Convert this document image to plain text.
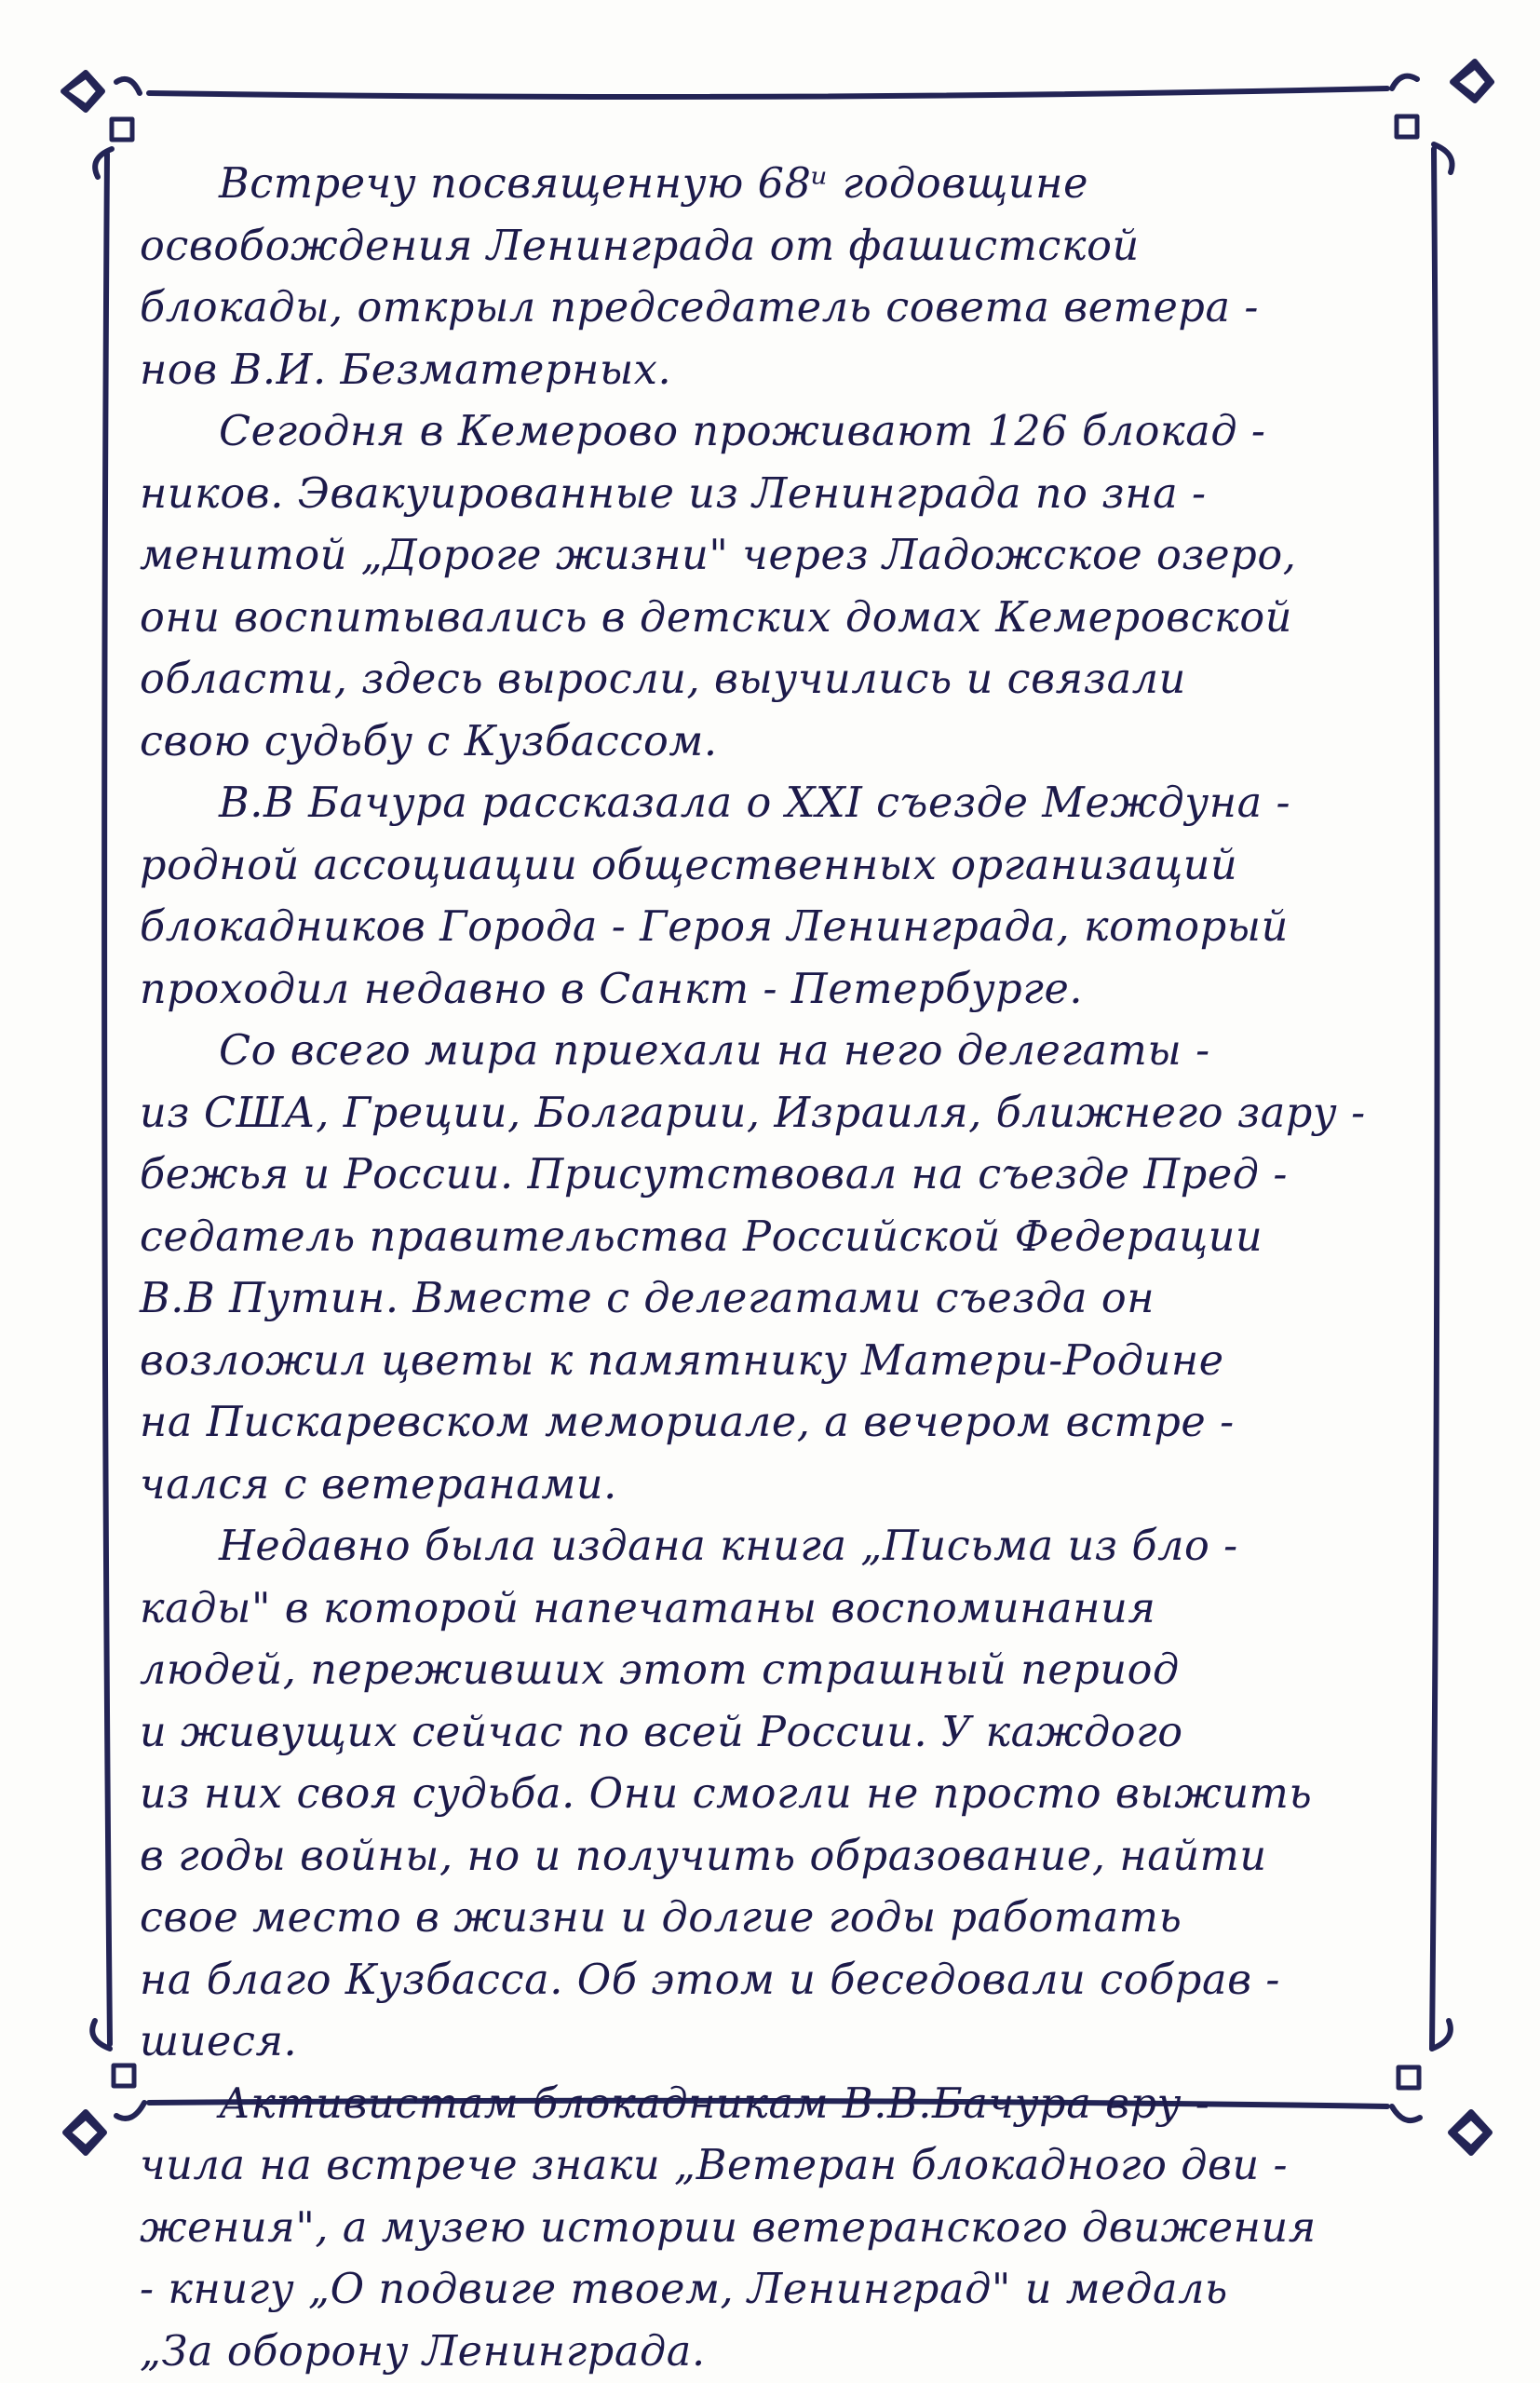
Встречу посвященную 68ᵘ годовщине
освобождения Ленинграда от фашистской
блокады, открыл председатель совета ветера -
нов В.И. Безматерных.
Сегодня в Кемерово проживают 126 блокад -
ников. Эвакуированные из Ленинграда по зна -
менитой „Дороге жизни" через Ладожское озеро,
они воспитывались в детских домах Кемеровской
области, здесь выросли, выучились и связали
свою судьбу с Кузбассом.
В.В Бачура рассказала о XXI съезде Междуна -
родной ассоциации общественных организаций
блокадников Города - Героя Ленинграда, который
проходил недавно в Санкт - Петербурге.
Со всего мира приехали на него делегаты -
из США, Греции, Болгарии, Израиля, ближнего зару -
бежья и России. Присутствовал на съезде Пред -
седатель правительства Российской Федерации
В.В Путин. Вместе с делегатами съезда он
возложил цветы к памятнику Матери-Родине
на Пискаревском мемориале, а вечером встре -
чался с ветеранами.
Недавно была издана книга „Письма из бло -
кады" в которой напечатаны воспоминания
людей, переживших этот страшный период
и живущих сейчас по всей России. У каждого
из них своя судьба. Они смогли не просто выжить
в годы войны, но и получить образование, найти
свое место в жизни и долгие годы работать
на благо Кузбасса. Об этом и беседовали собрав -
шиеся.
Активистам блокадникам В.В.Бачура вру -
чила на встрече знаки „Ветеран блокадного дви -
жения", а музею истории ветеранского движения
- книгу „О подвиге твоем, Ленинград" и медаль
„За оборону Ленинграда.
